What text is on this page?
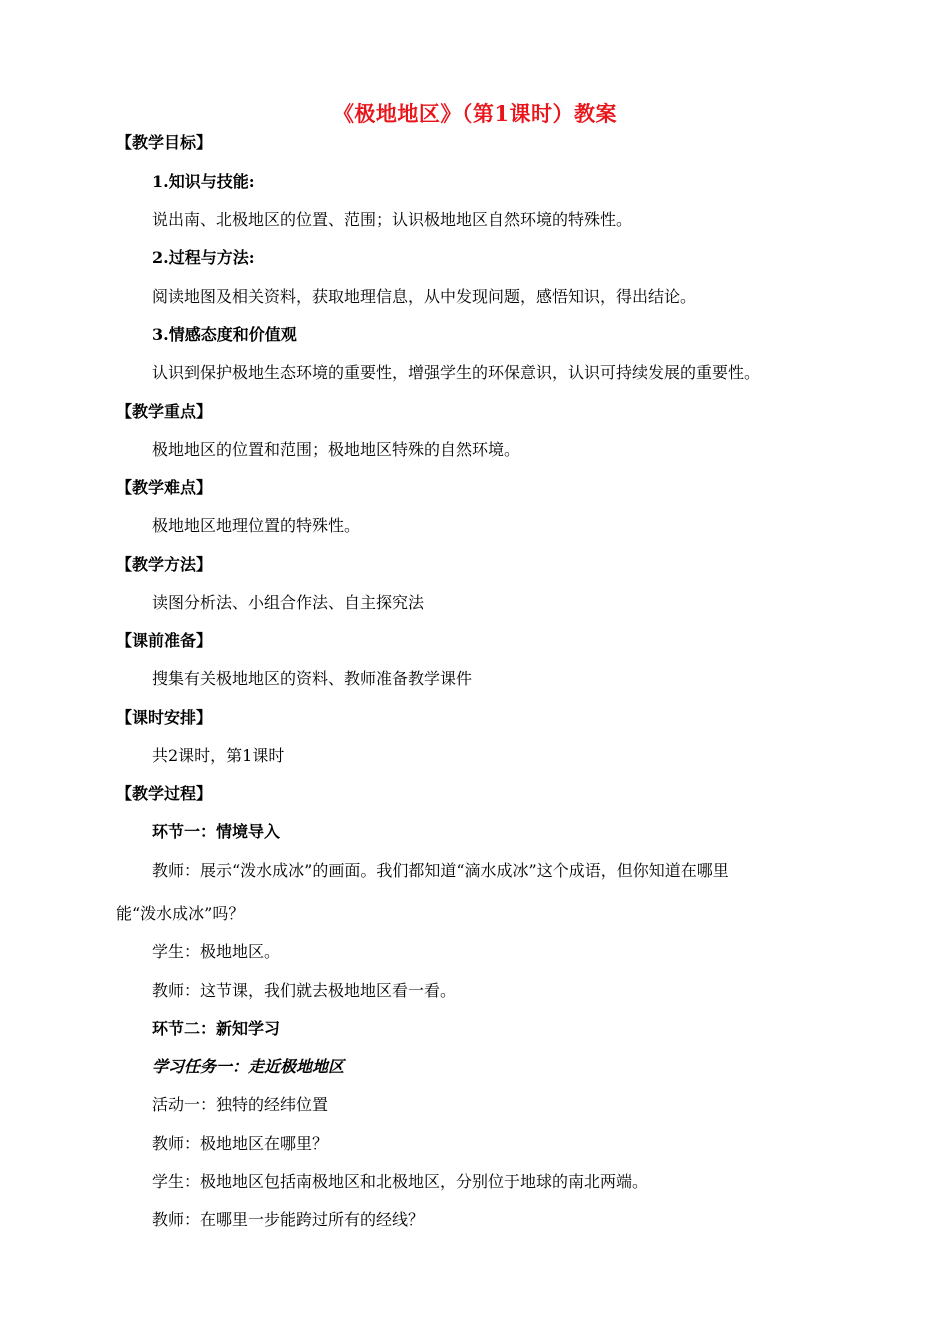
《极地地区》（第1课时）教案
【教学目标】
1.知识与技能:
说出南、北极地区的位置、范围；认识极地地区自然环境的特殊性。
2.过程与方法:
阅读地图及相关资料，获取地理信息，从中发现问题，感悟知识，得出结论。
3.情感态度和价值观
认识到保护极地生态环境的重要性，增强学生的环保意识，认识可持续发展的重要性。
【教学重点】
极地地区的位置和范围；极地地区特殊的自然环境。
【教学难点】
极地地区地理位置的特殊性。
【教学方法】
读图分析法、小组合作法、自主探究法
【课前准备】
搜集有关极地地区的资料、教师准备教学课件
【课时安排】
共2课时，第1课时
【教学过程】
环节一：情境导入
教师：展示“泼水成冰”的画面。我们都知道“滴水成冰”这个成语，但你知道在哪里
能“泼水成冰”吗？
学生：极地地区。
教师：这节课，我们就去极地地区看一看。
环节二：新知学习
学习任务一：走近极地地区
活动一：独特的经纬位置
教师：极地地区在哪里？
学生：极地地区包括南极地区和北极地区，分别位于地球的南北两端。
教师：在哪里一步能跨过所有的经线？
